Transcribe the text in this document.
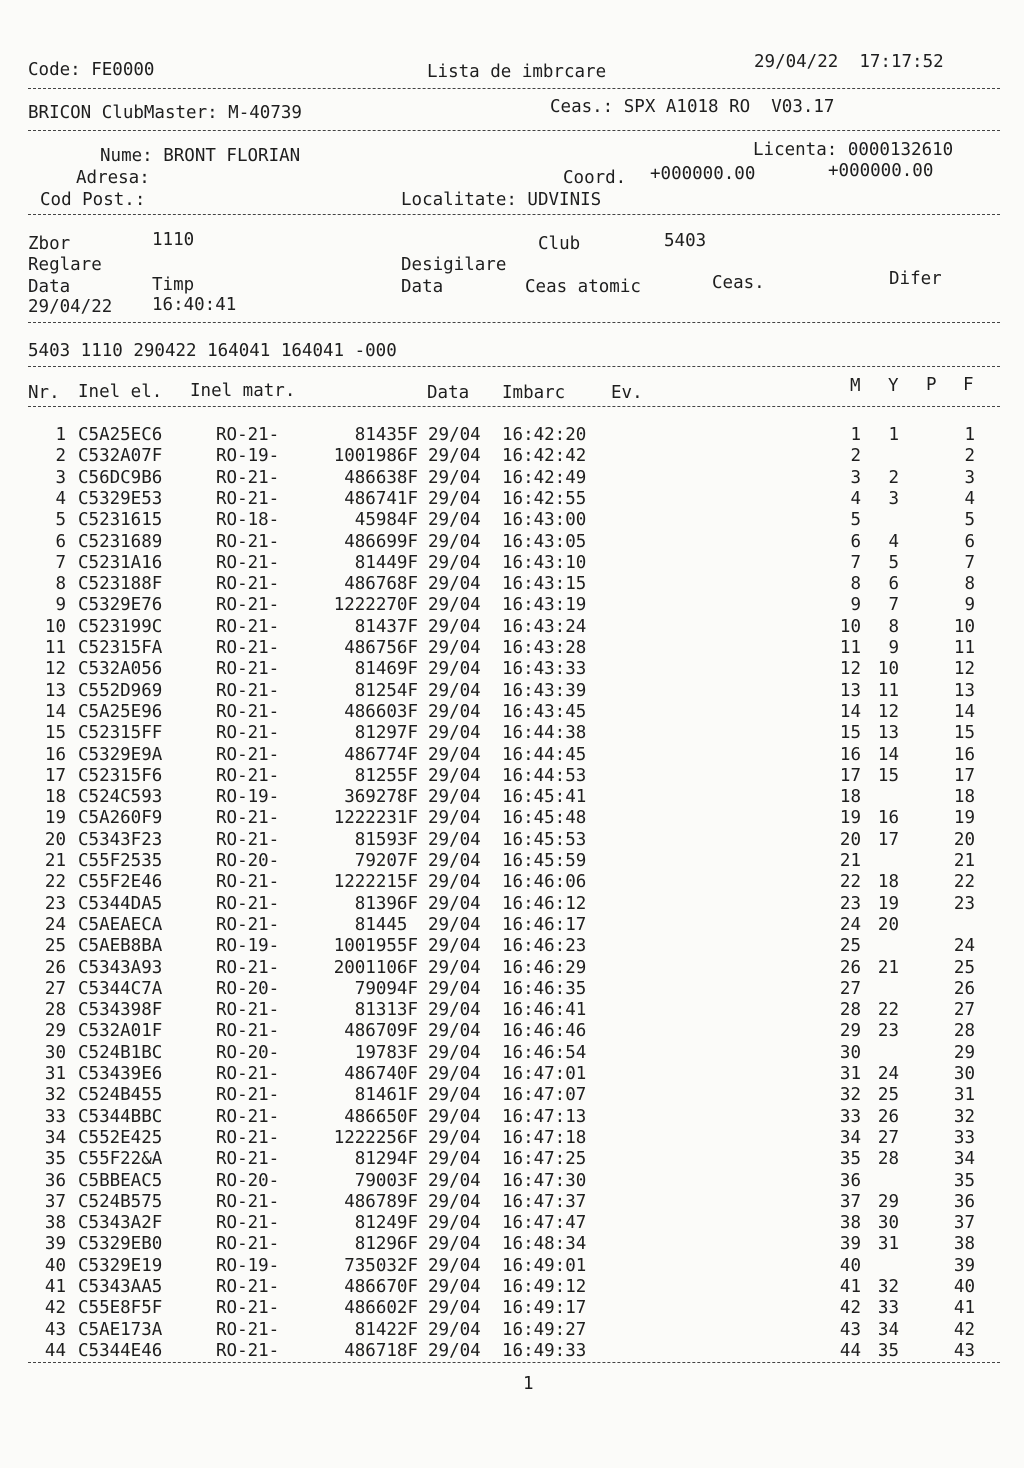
Code: FE0000	Lista de imbrcare	29/04/22  17:17:52
BRICON ClubMaster: M-40739	Ceas.: SPX A1018 RO  V03.17
Nume: BRONT FLORIAN	Licenta: 0000132610
Adresa:	Coord. +000000.00	+000000.00
Cod Post.:	Localitate: UDVINIS
Zbor	1110	Club	5403
Reglare	Desigilare
Data	Timp	Data	Ceas atomic	Ceas.	Difer
29/04/22 16:40:41
5403 1110 290422 164041 164041 -000
Nr. Inel el. Inel matr.	Data Imbarc	Ev.	M Y P F
1 C5A25EC6	RO-21-	81435F 29/04 16:42:20	1 1	1
2 C532A07F	RO-19-	1001986F 29/04 16:42:42	2	2
3 C56DC9B6	RO-21-	486638F 29/04 16:42:49	3 2	3
4 C5329E53	RO-21-	486741F 29/04 16:42:55	4 3	4
5 C5231615	RO-18-	45984F 29/04 16:43:00	5	5
6 C5231689	RO-21-	486699F 29/04 16:43:05	6 4	6
7 C5231A16	RO-21-	81449F 29/04 16:43:10	7 5	7
8 C523188F	RO-21-	486768F 29/04 16:43:15	8 6	8
9 C5329E76	RO-21-	1222270F 29/04 16:43:19	9 7	9
10 C523199C	RO-21-	81437F 29/04 16:43:24	10 8	10
11 C52315FA	RO-21-	486756F 29/04 16:43:28	11 9	11
12 C532A056	RO-21-	81469F 29/04 16:43:33	12 10	12
13 C552D969	RO-21-	81254F 29/04 16:43:39	13 11	13
14 C5A25E96	RO-21-	486603F 29/04 16:43:45	14 12	14
15 C52315FF	RO-21-	81297F 29/04 16:44:38	15 13	15
16 C5329E9A	RO-21-	486774F 29/04 16:44:45	16 14	16
17 C52315F6	RO-21-	81255F 29/04 16:44:53	17 15	17
18 C524C593	RO-19-	369278F 29/04 16:45:41	18	18
19 C5A260F9	RO-21-	1222231F 29/04 16:45:48	19 16	19
20 C5343F23	RO-21-	81593F 29/04 16:45:53	20 17	20
21 C55F2535	RO-20-	79207F 29/04 16:45:59	21	21
22 C55F2E46	RO-21-	1222215F 29/04 16:46:06	22 18	22
23 C5344DA5	RO-21-	81396F 29/04 16:46:12	23 19	23
24 C5AEAECA	RO-21-	81445 29/04 16:46:17	24 20
25 C5AEB8BA	RO-19-	1001955F 29/04 16:46:23	25	24
26 C5343A93	RO-21-	2001106F 29/04 16:46:29	26 21	25
27 C5344C7A	RO-20-	79094F 29/04 16:46:35	27	26
28 C534398F	RO-21-	81313F 29/04 16:46:41	28 22	27
29 C532A01F	RO-21-	486709F 29/04 16:46:46	29 23	28
30 C524B1BC	RO-20-	19783F 29/04 16:46:54	30	29
31 C53439E6	RO-21-	486740F 29/04 16:47:01	31 24	30
32 C524B455	RO-21-	81461F 29/04 16:47:07	32 25	31
33 C5344BBC	RO-21-	486650F 29/04 16:47:13	33 26	32
34 C552E425	RO-21-	1222256F 29/04 16:47:18	34 27	33
35 C55F22&A	RO-21-	81294F 29/04 16:47:25	35 28	34
36 C5BBEAC5	RO-20-	79003F 29/04 16:47:30	36	35
37 C524B575	RO-21-	486789F 29/04 16:47:37	37 29	36
38 C5343A2F	RO-21-	81249F 29/04 16:47:47	38 30	37
39 C5329EB0	RO-21-	81296F 29/04 16:48:34	39 31	38
40 C5329E19	RO-19-	735032F 29/04 16:49:01	40	39
41 C5343AA5	RO-21-	486670F 29/04 16:49:12	41 32	40
42 C55E8F5F	RO-21-	486602F 29/04 16:49:17	42 33	41
43 C5AE173A	RO-21-	81422F 29/04 16:49:27	43 34	42
44 C5344E46	RO-21-	486718F 29/04 16:49:33	44 35	43
1
